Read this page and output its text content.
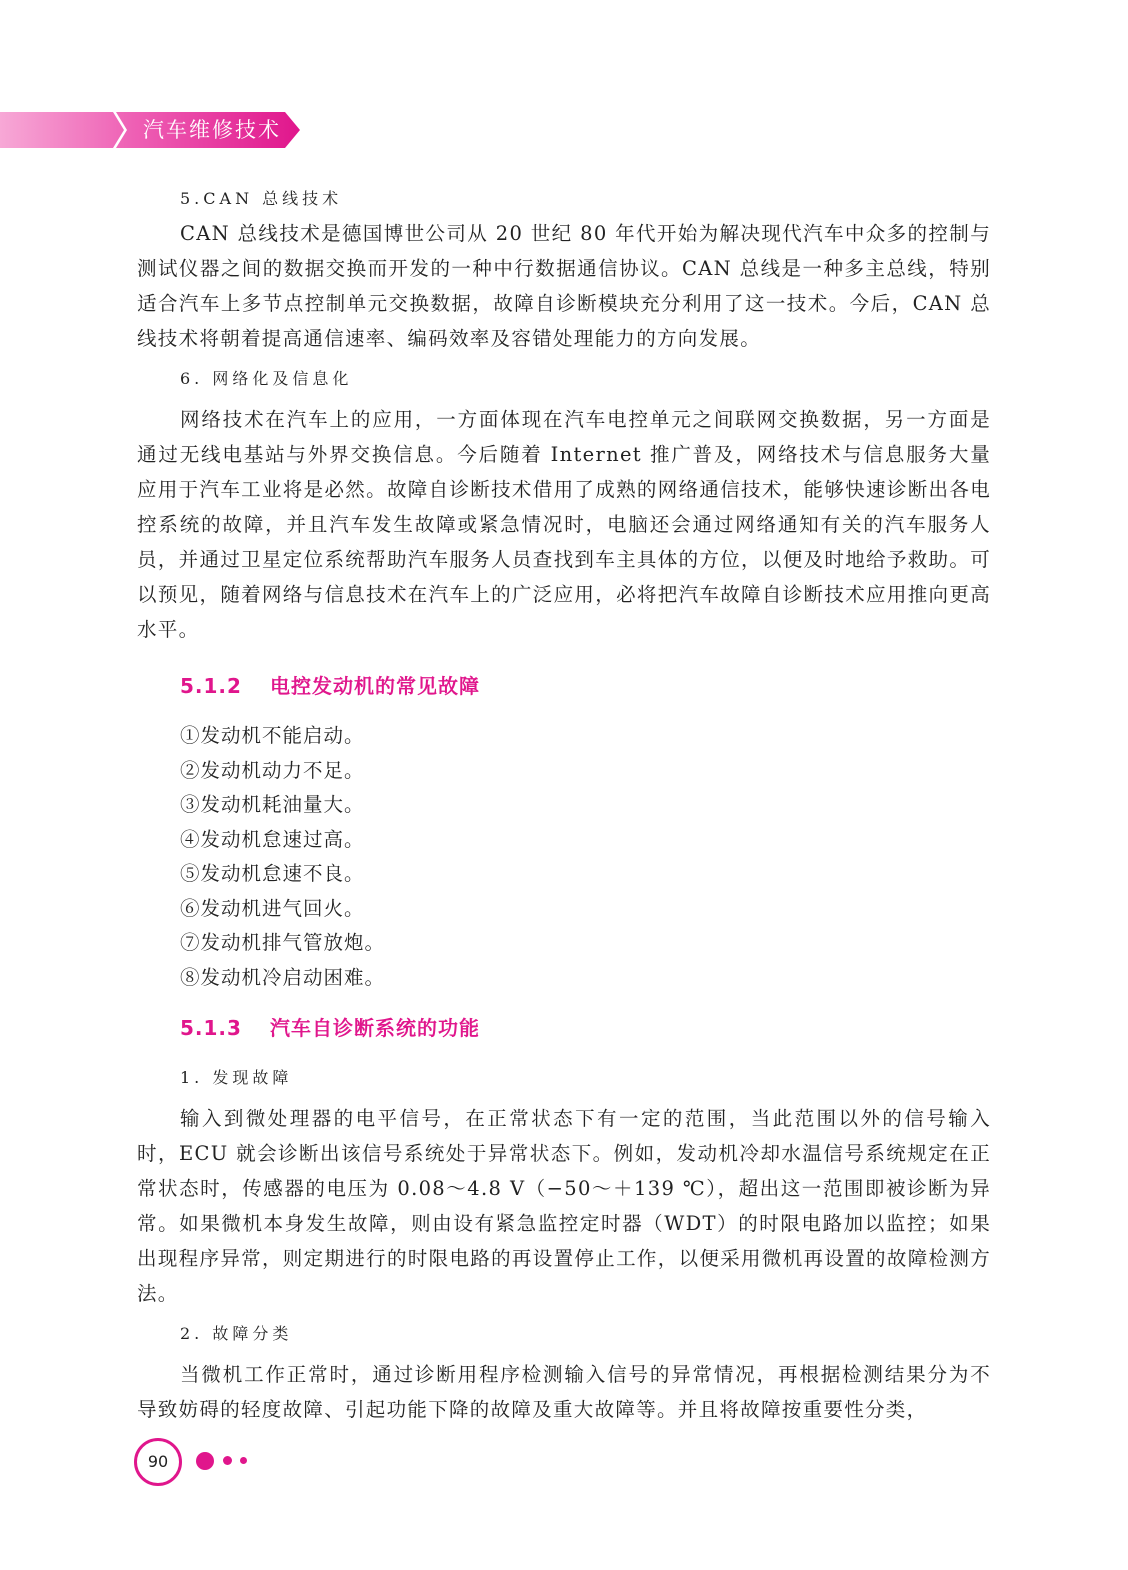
汽车维修技术
5.CAN 总线技术

CAN 总线技术是德国博世公司从 20 世纪 80 年代开始为解决现代汽车中众多的控制与测试仪器之间的数据交换而开发的一种中行数据通信协议。CAN 总线是一种多主总线，特别适合汽车上多节点控制单元交换数据，故障自诊断模块充分利用了这一技术。今后，CAN 总线技术将朝着提高通信速率、编码效率及容错处理能力的方向发展。

6. 网络化及信息化

网络技术在汽车上的应用，一方面体现在汽车电控单元之间联网交换数据，另一方面是通过无线电基站与外界交换信息。今后随着 Internet 推广普及，网络技术与信息服务大量应用于汽车工业将是必然。故障自诊断技术借用了成熟的网络通信技术，能够快速诊断出各电控系统的故障，并且汽车发生故障或紧急情况时，电脑还会通过网络通知有关的汽车服务人员，并通过卫星定位系统帮助汽车服务人员查找到车主具体的方位，以便及时地给予救助。可以预见，随着网络与信息技术在汽车上的广泛应用，必将把汽车故障自诊断技术应用推向更高水平。

5.1.2 电控发动机的常见故障
①发动机不能启动。
②发动机动力不足。
③发动机耗油量大。
④发动机怠速过高。
⑤发动机怠速不良。
⑥发动机进气回火。
⑦发动机排气管放炮。
⑧发动机冷启动困难。
5.1.3 汽车自诊断系统的功能
1. 发现故障

输入到微处理器的电平信号，在正常状态下有一定的范围，当此范围以外的信号输入时，ECU 就会诊断出该信号系统处于异常状态下。例如，发动机冷却水温信号系统规定在正常状态时，传感器的电压为 0.08～4.8 V（−50～＋139 ℃），超出这一范围即被诊断为异常。如果微机本身发生故障，则由设有紧急监控定时器（WDT）的时限电路加以监控；如果出现程序异常，则定期进行的时限电路的再设置停止工作，以便采用微机再设置的故障检测方法。

2. 故障分类

当微机工作正常时，通过诊断用程序检测输入信号的异常情况，再根据检测结果分为不导致妨碍的轻度故障、引起功能下降的故障及重大故障等。并且将故障按重要性分类，

90
